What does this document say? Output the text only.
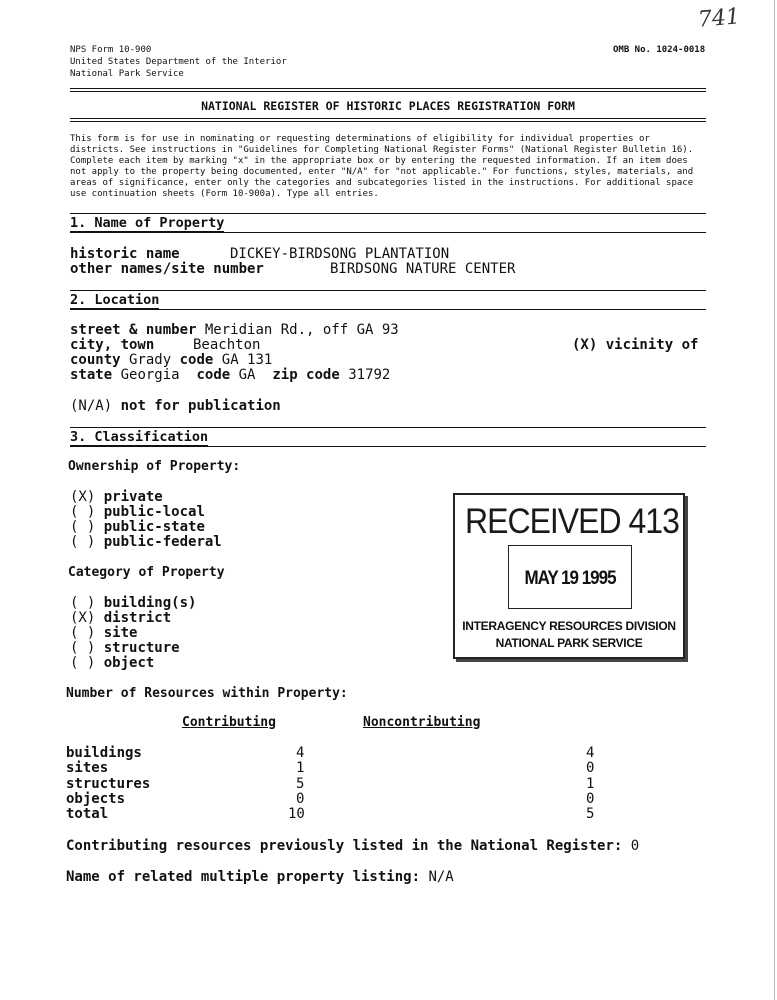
741
NPS Form 10-900
United States Department of the Interior
National Park Service
OMB No. 1024-0018
NATIONAL REGISTER OF HISTORIC PLACES REGISTRATION FORM
This form is for use in nominating or requesting determinations of eligibility for individual properties or
districts. See instructions in "Guidelines for Completing National Register Forms" (National Register Bulletin 16).
Complete each item by marking "x" in the appropriate box or by entering the requested information. If an item does
not apply to the property being documented, enter "N/A" for "not applicable." For functions, styles, materials, and
areas of significance, enter only the categories and subcategories listed in the instructions. For additional space
use continuation sheets (Form 10-900a). Type all entries.
1. Name of Property
historic name	DICKEY-BIRDSONG PLANTATION
other names/site number	BIRDSONG NATURE CENTER
2. Location
street & number Meridian Rd., off GA 93
city, town	Beachton	(X) vicinity of
county Grady code GA 131
state Georgia code GA zip code 31792
(N/A) not for publication
3. Classification
Ownership of Property:
(X) private
( ) public-local
( ) public-state
( ) public-federal
Category of Property
( ) building(s)
(X) district
( ) site
( ) structure
( ) object
Number of Resources within Property:
Contributing	Noncontributing
buildings	4	4
sites	1	0
structures	5	1
objects	0	0
total	10	5
Contributing resources previously listed in the National Register: 0
Name of related multiple property listing: N/A
RECEIVED 413
MAY 19 1995
INTERAGENCY RESOURCES DIVISION
NATIONAL PARK SERVICE
